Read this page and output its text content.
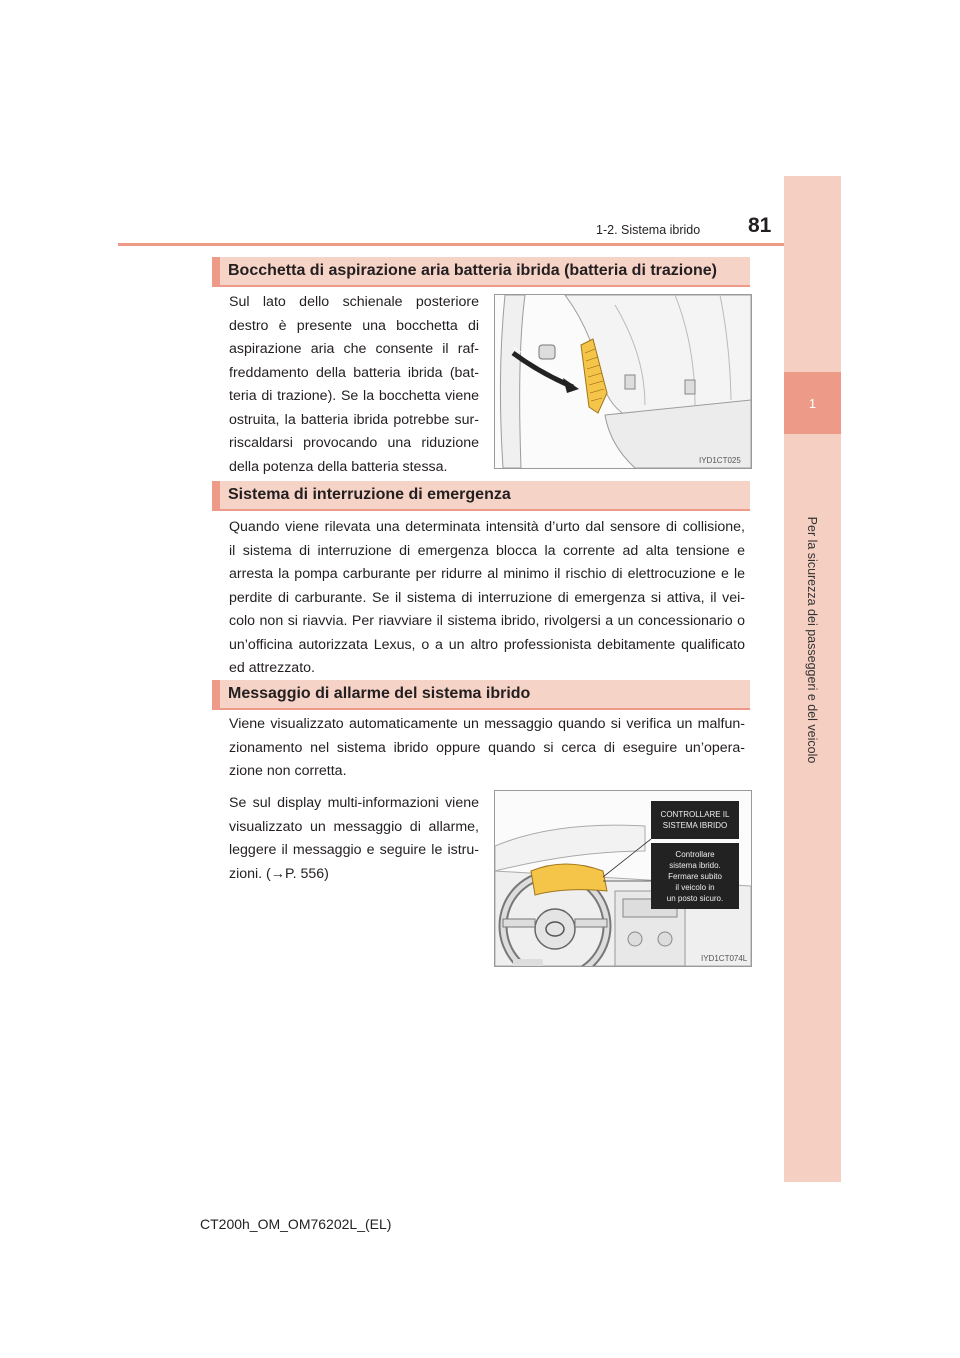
1
Per la sicurezza dei passeggeri e del veicolo
1-2. Sistema ibrido 81
Bocchetta di aspirazione aria batteria ibrida (batteria di trazione)
Sul lato dello schienale posteriore
destro è presente una bocchetta di
aspirazione aria che consente il raf-
freddamento della batteria ibrida (bat-
teria di trazione). Se la bocchetta viene
ostruita, la batteria ibrida potrebbe sur-
riscaldarsi provocando una riduzione
della potenza della batteria stessa.	IYD1CT025
Sistema di interruzione di emergenza
Quando viene rilevata una determinata intensità d’urto dal sensore di collisione,
il sistema di interruzione di emergenza blocca la corrente ad alta tensione e
arresta la pompa carburante per ridurre al minimo il rischio di elettrocuzione e le
perdite di carburante. Se il sistema di interruzione di emergenza si attiva, il vei-
colo non si riavvia. Per riavviare il sistema ibrido, rivolgersi a un concessionario o
un’officina autorizzata Lexus, o a un altro professionista debitamente qualificato
ed attrezzato.
Messaggio di allarme del sistema ibrido
Viene visualizzato automaticamente un messaggio quando si verifica un malfun-
zionamento nel sistema ibrido oppure quando si cerca di eseguire un’opera-
zione non corretta.
Se sul display multi-informazioni viene
visualizzato un messaggio di allarme,
leggere il messaggio e seguire le istru-
zioni. (→P. 556)
CONTROLLARE IL
SISTEMA IBRIDO
Controllare
sistema ibrido.
Fermare subito
il veicolo in
un posto sicuro.
IYD1CT074L
CT200h_OM_OM76202L_(EL)
